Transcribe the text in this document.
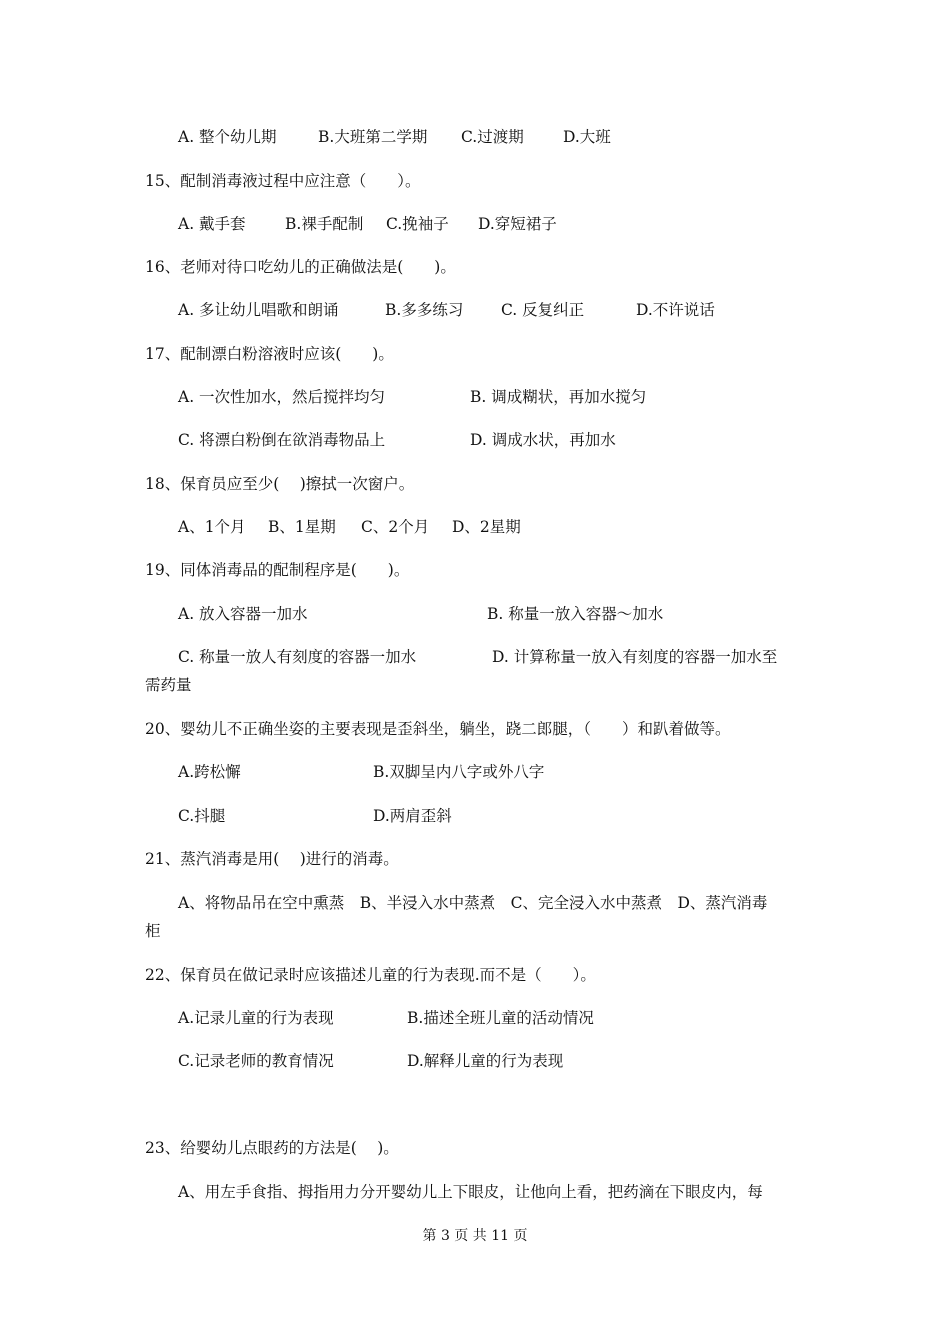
A. 整个幼儿期	B.大班第二学期 C.过渡期	D.大班
15、配制消毒液过程中应注意（　　）。
A. 戴手套	B.裸手配制 C.挽袖子 D.穿短裙子
16、老师对待口吃幼儿的正确做法是(　　)。
A. 多让幼儿唱歌和朗诵	B.多多练习 C. 反复纠正	D.不许说话
17、配制漂白粉溶液时应该(　　)。
A. 一次性加水，然后搅拌均匀	B. 调成糊状，再加水搅匀
C. 将漂白粉倒在欲消毒物品上	D. 调成水状，再加水
18、保育员应至少(　 )擦拭一次窗户。
A、1个月 B、1星期 C、2个月 D、2星期
19、同体消毒品的配制程序是(　　)。
A. 放入容器一加水	B. 称量一放入容器～加水
C. 称量一放人有刻度的容器一加水	D. 计算称量一放入有刻度的容器一加水至
需药量
20、婴幼儿不正确坐姿的主要表现是歪斜坐，躺坐，跷二郎腿，（　　）和趴着做等。
A.跨松懈	B.双脚呈内八字或外八字
C.抖腿	D.两肩歪斜
21、蒸汽消毒是用(　 )进行的消毒。
A、将物品吊在空中熏蒸　B、半浸入水中蒸煮　C、完全浸入水中蒸煮　D、蒸汽消毒
柜
22、保育员在做记录时应该描述儿童的行为表现.而不是（　　）。
A.记录儿童的行为表现	B.描述全班儿童的活动情况
C.记录老师的教育情况	D.解释儿童的行为表现
23、给婴幼儿点眼药的方法是(　 )。
A、用左手食指、拇指用力分开婴幼儿上下眼皮，让他向上看，把药滴在下眼皮内，每
第 3 页 共 11 页
